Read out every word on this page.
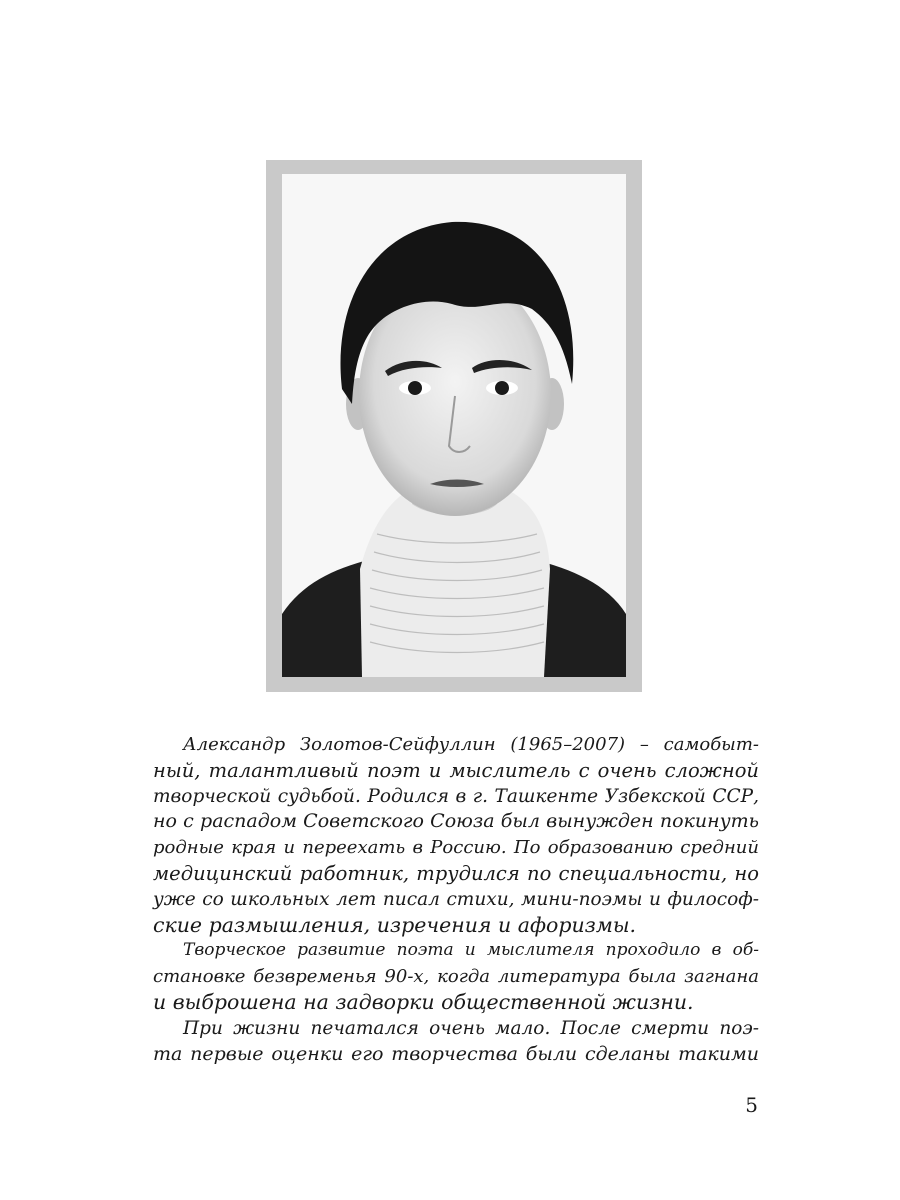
Александр Золотов-Сейфуллин (1965–2007) – самобыт-
ный, талантливый поэт и мыслитель с очень сложной
творческой судьбой. Родился в г. Ташкенте Узбекской ССР,
но с распадом Советского Союза был вынужден покинуть
родные края и переехать в Россию. По образованию средний
медицинский работник, трудился по специальности, но
уже со школьных лет писал стихи, мини-поэмы и философ-
ские размышления, изречения и афоризмы.

Творческое развитие поэта и мыслителя проходило в об-
становке безвременья 90-х, когда литература была загнана
и выброшена на задворки общественной жизни.

При жизни печатался очень мало. После смерти поэ-
та первые оценки его творчества были сделаны такими

5
